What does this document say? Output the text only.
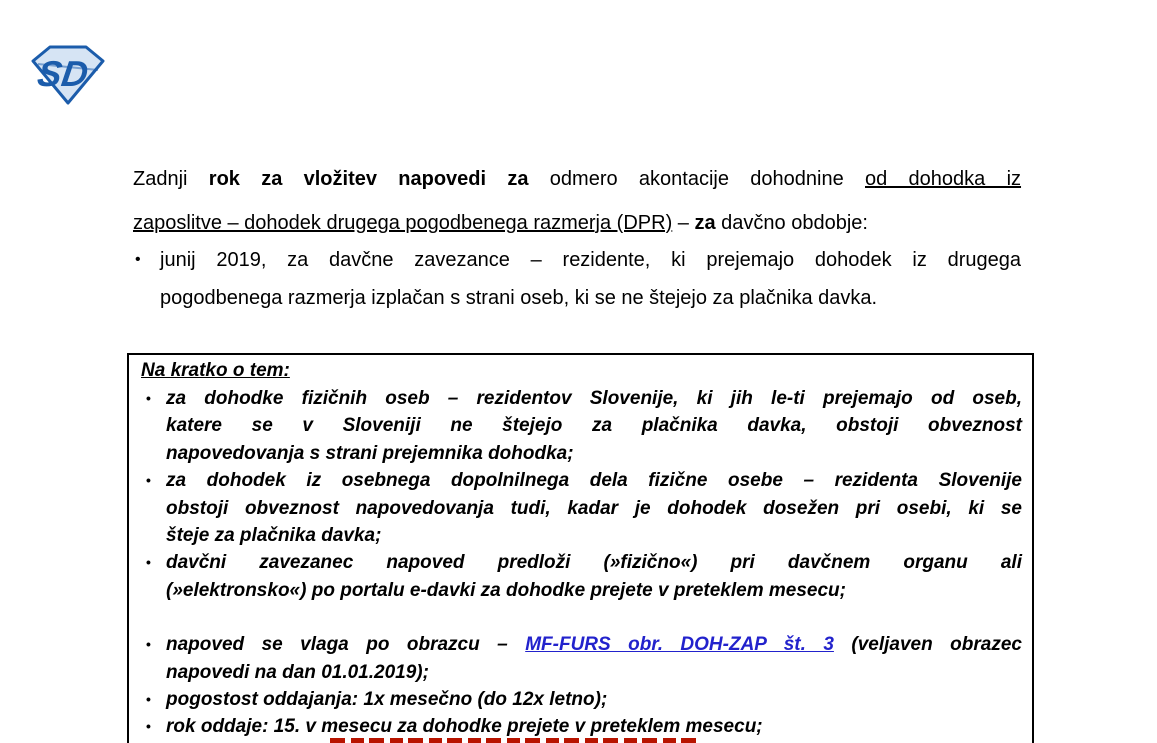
SD
Zadnji rok za vložitev napovedi za odmero akontacije dohodnine od dohodka iz
zaposlitve – dohodek drugega pogodbenega razmerja (DPR) – za davčno obdobje:
• junij 2019, za davčne zavezance – rezidente, ki prejemajo dohodek iz drugega
pogodbenega razmerja izplačan s strani oseb, ki se ne štejejo za plačnika davka.
Na kratko o tem:
• za dohodke fizičnih oseb – rezidentov Slovenije, ki jih le-ti prejemajo od oseb,
katere se v Sloveniji ne štejejo za plačnika davka, obstoji obveznost
napovedovanja s strani prejemnika dohodka;
• za dohodek iz osebnega dopolnilnega dela fizične osebe – rezidenta Slovenije
obstoji obveznost napovedovanja tudi, kadar je dohodek dosežen pri osebi, ki se
šteje za plačnika davka;
• davčni zavezanec napoved predloži (»fizično«) pri davčnem organu ali
(»elektronsko«) po portalu e-davki za dohodke prejete v preteklem mesecu;
• napoved se vlaga po obrazcu – MF-FURS obr. DOH-ZAP št. 3 (veljaven obrazec
napovedi na dan 01.01.2019);
• pogostost oddajanja: 1x mesečno (do 12x letno);
• rok oddaje: 15. v mesecu za dohodke prejete v preteklem mesecu;
